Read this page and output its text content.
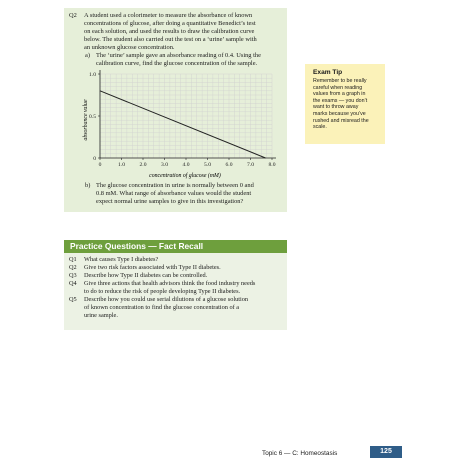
Q2 A student used a colorimeter to measure the absorbance of known
concentrations of glucose, after doing a quantitative Benedict’s test
on each solution, and used the results to draw the calibration curve
below. The student also carried out the test on a ‘urine’ sample with
an unknown glucose concentration.
a) The ‘urine’ sample gave an absorbance reading of 0.4. Using the
calibration curve, find the glucose concentration of the sample.
0	1.0	2.0	3.0	4.0	5.0	6.0	7.0	8.0
0
0.5
1.0
concentration of glucose (mM)
absorbance value
b) The glucose concentration in urine is normally between 0 and
0.8 mM. What range of absorbance values would the student
expect normal urine samples to give in this investigation?
Exam Tip
Remember to be really
careful when reading
values from a graph in
the exams — you don’t
want to throw away
marks because you’ve
rushed and misread the
scale.
Practice Questions — Fact Recall
Q1 What causes Type I diabetes?
Q2 Give two risk factors associated with Type II diabetes.
Q3 Describe how Type II diabetes can be controlled.
Q4 Give three actions that health advisors think the food industry needs
to do to reduce the risk of people developing Type II diabetes.
Q5 Describe how you could use serial dilutions of a glucose solution
of known concentration to find the glucose concentration of a
urine sample.
Topic 6 — C: Homeostasis	125
